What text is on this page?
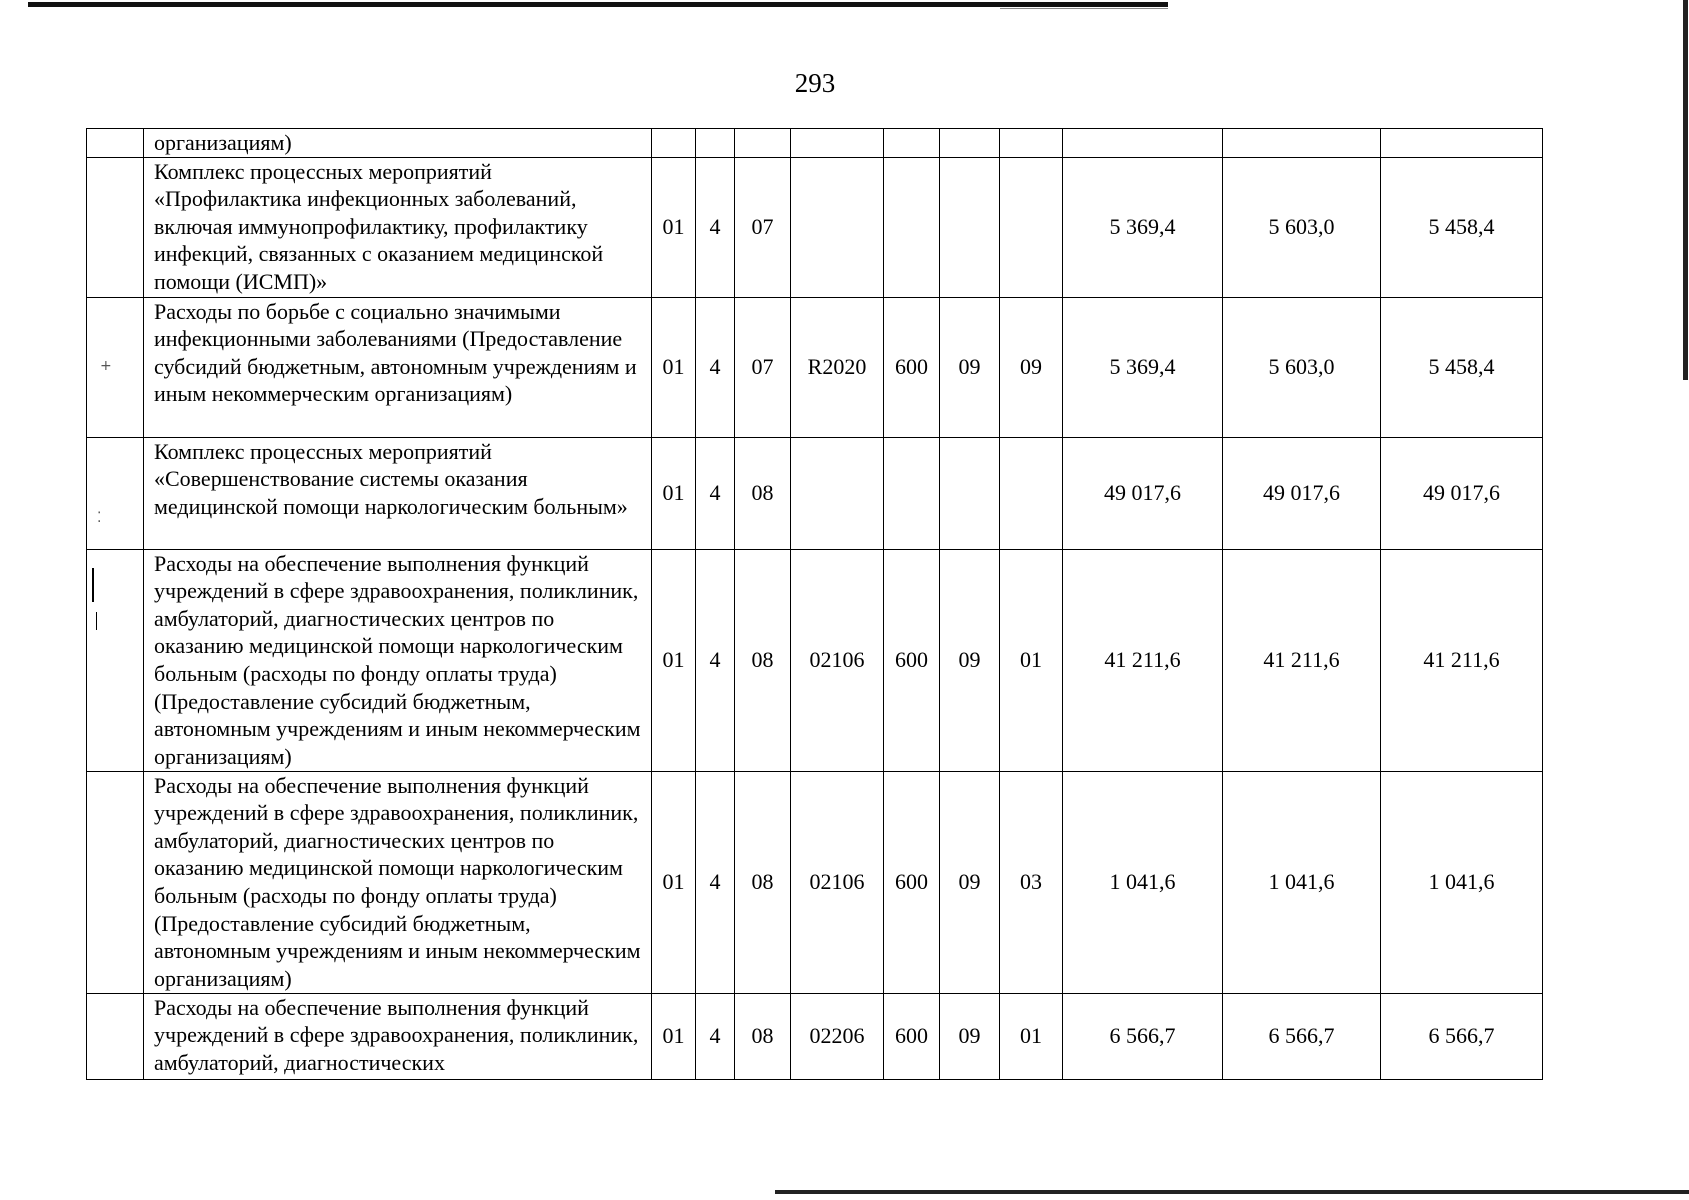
293
	организациям)										
	Комплекс процессных мероприятий «Профилактика инфекционных заболеваний, включая иммунопрофилактику, профилактику инфекций, связанных с оказанием медицинской помощи (ИСМП)»	01	4	07					5 369,4	5 603,0	5 458,4
	Расходы по борьбе с социально значимыми инфекционными заболеваниями (Предоставление субсидий бюджетным, автономным учреждениям и иным некоммерческим организациям)	01	4	07	R2020	600	09	09	5 369,4	5 603,0	5 458,4
	Комплекс процессных мероприятий «Совершенствование системы оказания медицинской помощи наркологическим больным»	01	4	08					49 017,6	49 017,6	49 017,6
	Расходы на обеспечение выполнения функций учреждений в сфере здравоохранения, поликлиник, амбулаторий, диагностических центров по оказанию медицинской помощи наркологическим больным (расходы по фонду оплаты труда) (Предоставление субсидий бюджетным, автономным учреждениям и иным некоммерческим организациям)	01	4	08	02106	600	09	01	41 211,6	41 211,6	41 211,6
	Расходы на обеспечение выполнения функций учреждений в сфере здравоохранения, поликлиник, амбулаторий, диагностических центров по оказанию медицинской помощи наркологическим больным (расходы по фонду оплаты труда) (Предоставление субсидий бюджетным, автономным учреждениям и иным некоммерческим организациям)	01	4	08	02106	600	09	03	1 041,6	1 041,6	1 041,6
	Расходы на обеспечение выполнения функций учреждений в сфере здравоохранения, поликлиник, амбулаторий, диагностических	01	4	08	02206	600	09	01	6 566,7	6 566,7	6 566,7
+
⁚
